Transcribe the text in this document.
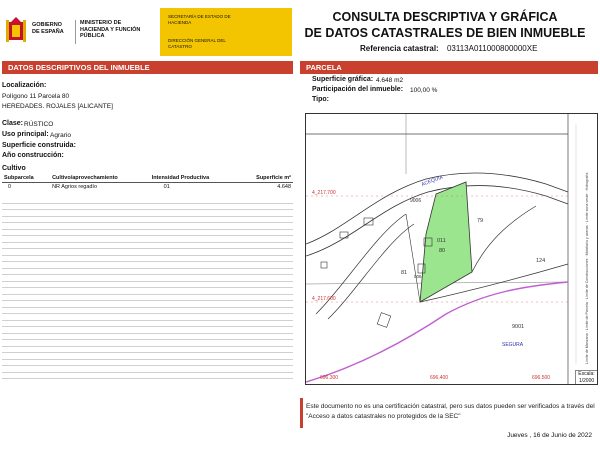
GOBIERNO DE ESPAÑA
MINISTERIO DE HACIENDA Y FUNCIÓN PÚBLICA
SECRETARÍA DE ESTADO DE HACIENDA
DIRECCIÓN GENERAL DEL CATASTRO
CONSULTA DESCRIPTIVA Y GRÁFICA
DE DATOS CATASTRALES DE BIEN INMUEBLE
Referencia catastral: 03113A011000800000XE
DATOS DESCRIPTIVOS DEL INMUEBLE
Localización:
Polígono 11 Parcela 80
HEREDADES. ROJALES [ALICANTE]
Clase: RÚSTICO
Uso principal: Agrario
Superficie construida:
Año construcción:
Cultivo
Subparcela	Cultivo/aprovechamiento	Intensidad Productiva	Superficie m²
0	NR Agrios regadío	01	4.648
PARCELA
Superficie gráfica: 4.648 m2
Participación del inmueble: 100,00 %
Tipo:
ACEQUIA
9006
79
011
80
124
81
006
9001
SEGURA
4_217.700
4_217.600
696.300	696.400	696.500
Límite de Manzana · Límite de Parcela · Límite de Construcciones · Mobiliario y aceras · Límite zona verde · Hidrografía
Escala:
1/2000
Este documento no es una certificación catastral, pero sus datos pueden ser verificados a través del "Acceso a datos catastrales no protegidos de la SEC"
Jueves , 16 de Junio de 2022
